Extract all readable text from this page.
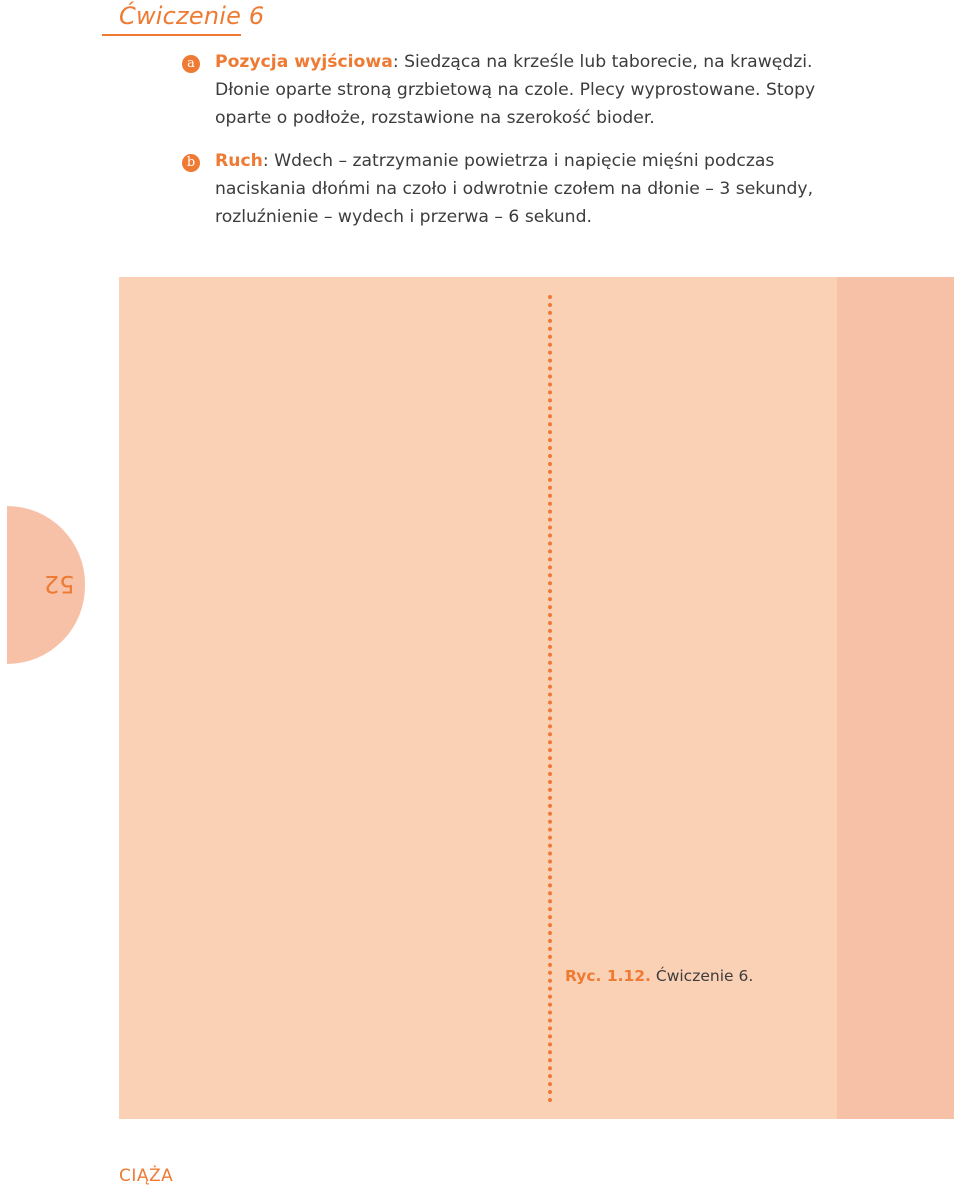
Ćwiczenie 6
a Pozycja wyjściowa: Siedząca na krześle lub taborecie, na krawędzi. Dłonie oparte stroną grzbietową na czole. Plecy wyprostowane. Stopy oparte o podłoże, rozstawione na szerokość bioder.
b Ruch: Wdech – zatrzymanie powietrza i napięcie mięśni podczas naciskania dłońmi na czoło i odwrotnie czołem na dłonie – 3 sekundy, rozluźnienie – wydech i przerwa – 6 sekund.
Ryc. 1.12. Ćwiczenie 6.
52
CIĄŻA
